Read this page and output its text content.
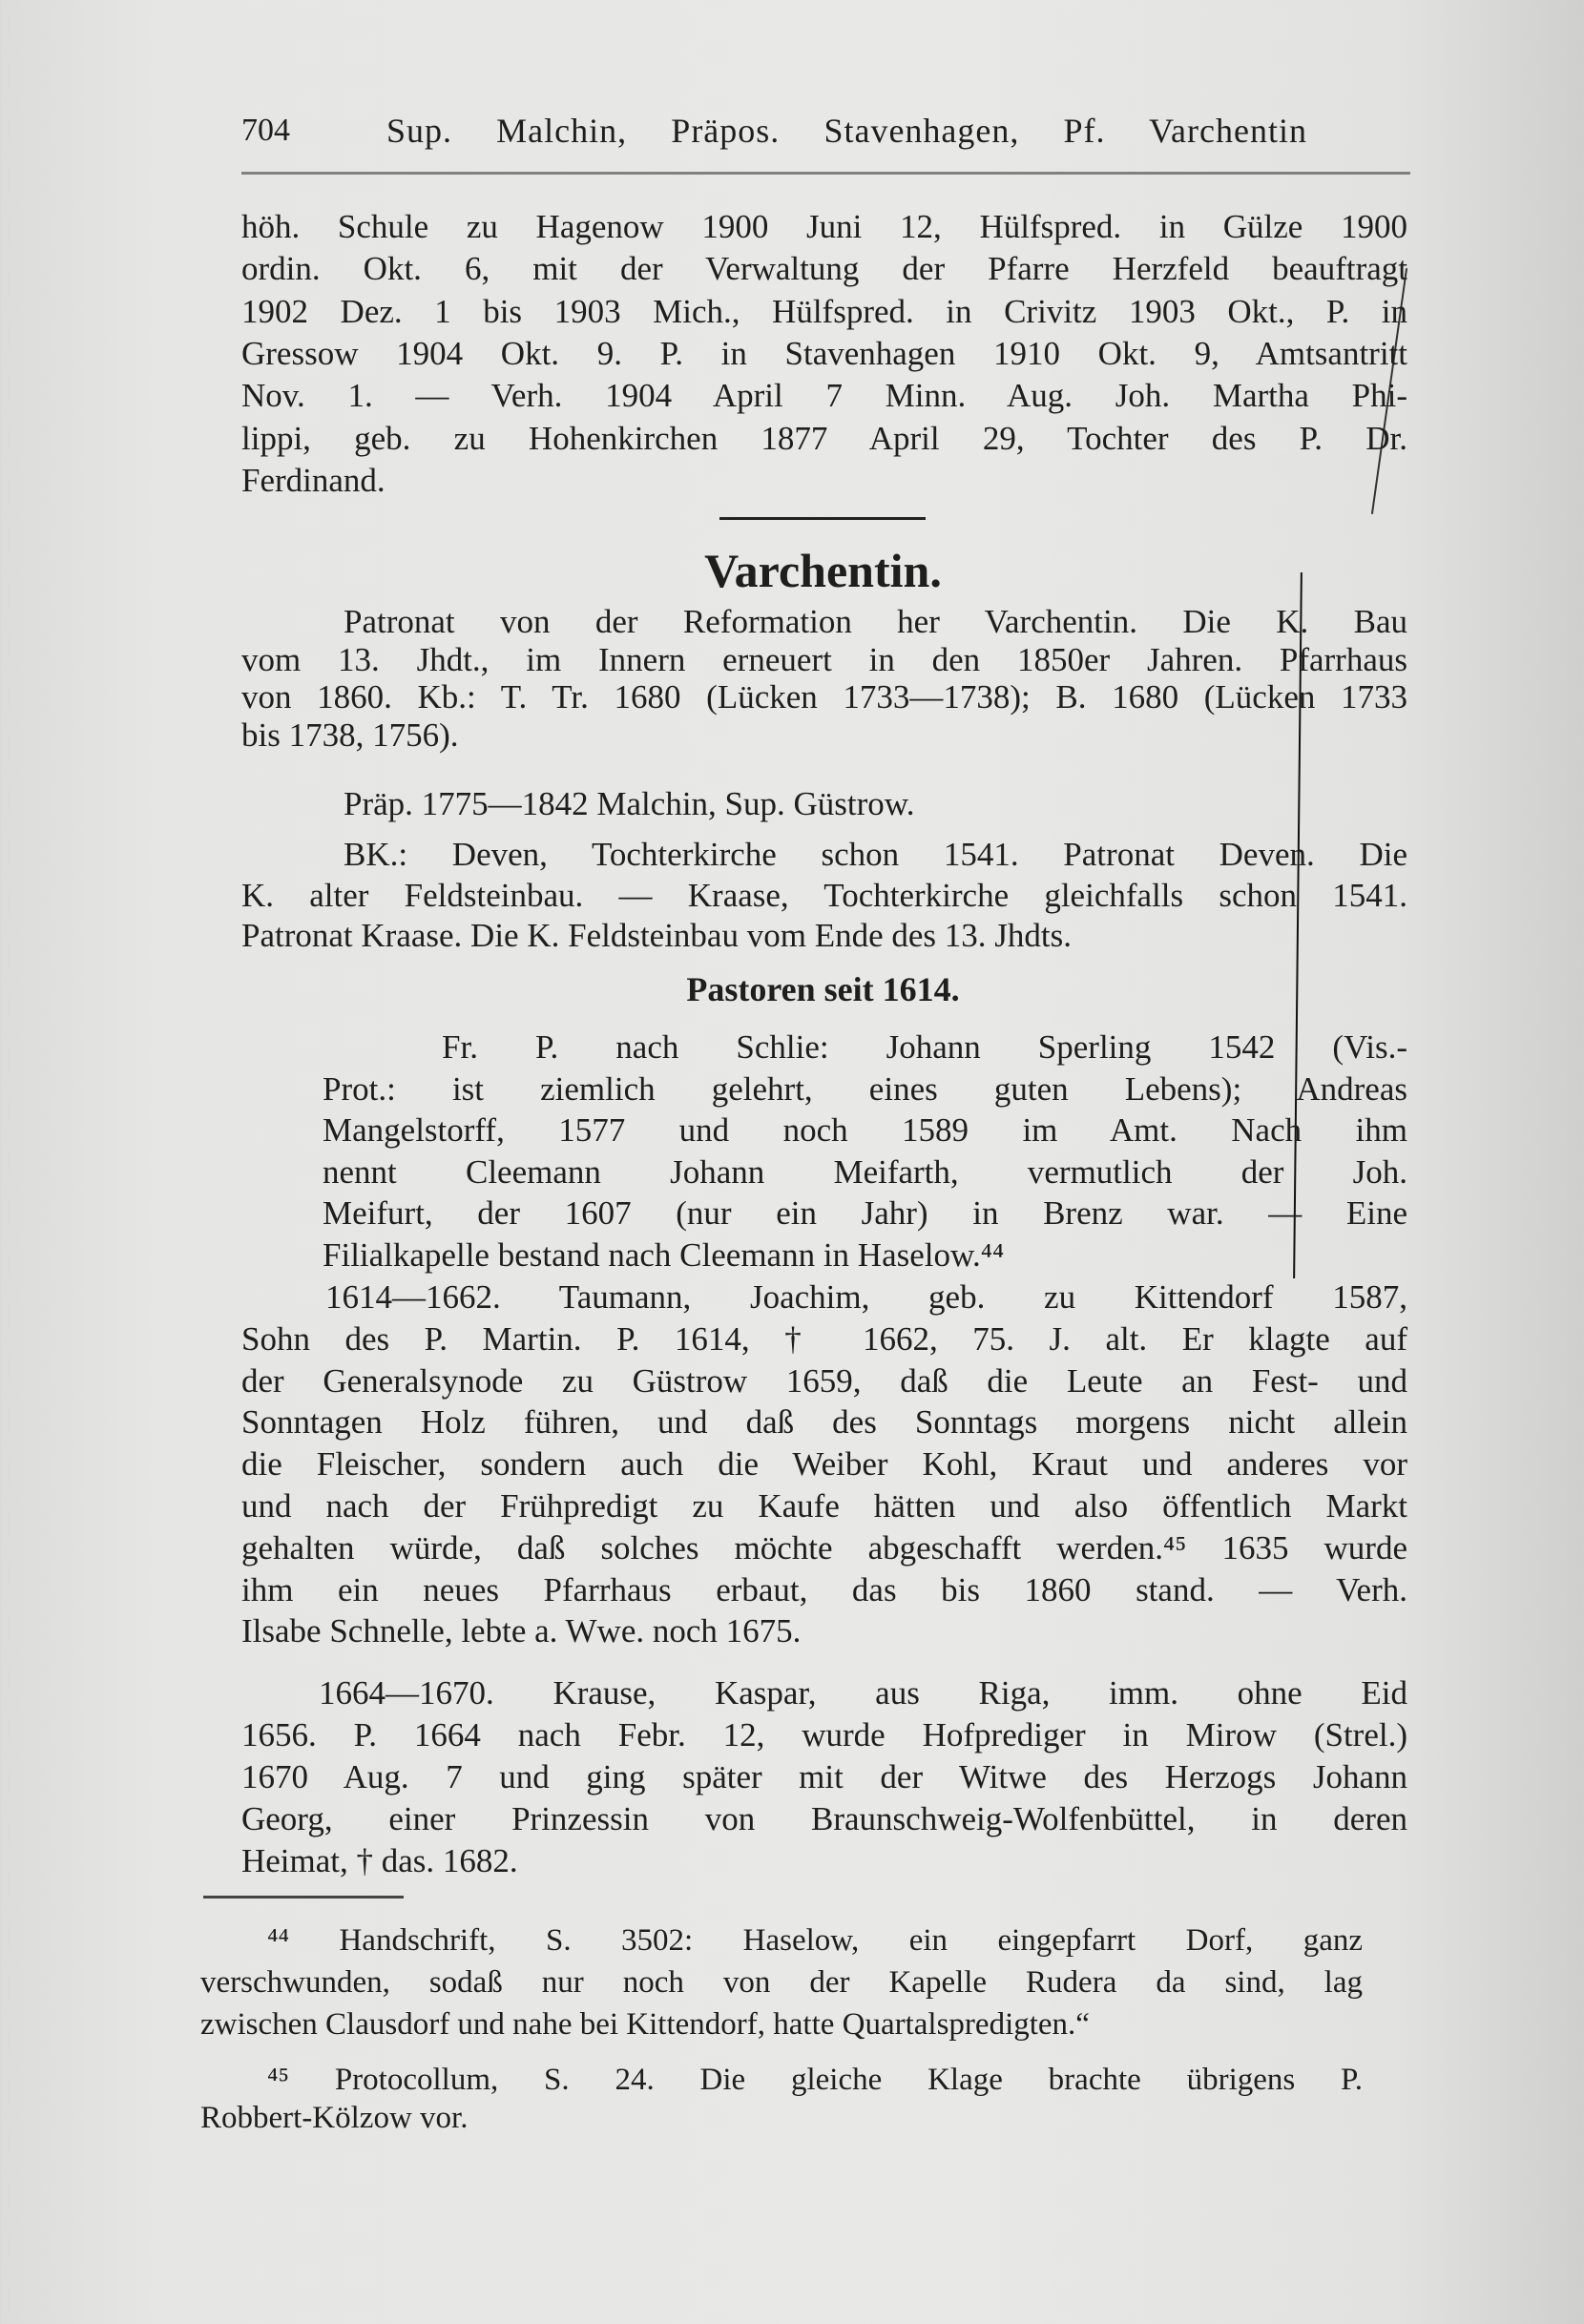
704	Sup. Malchin, Präpos. Stavenhagen, Pf. Varchentin
Varchentin.
Pastoren seit 1614.
höh. Schule zu Hagenow 1900 Juni 12, Hülfspred. in Gülze 1900
ordin. Okt. 6, mit der Verwaltung der Pfarre Herzfeld beauftragt
1902 Dez. 1 bis 1903 Mich., Hülfspred. in Crivitz 1903 Okt., P. in
Gressow 1904 Okt. 9. P. in Stavenhagen 1910 Okt. 9, Amtsantritt
Nov. 1. — Verh. 1904 April 7 Minn. Aug. Joh. Martha Phi-
lippi, geb. zu Hohenkirchen 1877 April 29, Tochter des P. Dr.
Ferdinand.
Patronat von der Reformation her Varchentin. Die K. Bau
vom 13. Jhdt., im Innern erneuert in den 1850er Jahren. Pfarrhaus
von 1860. Kb.: T. Tr. 1680 (Lücken 1733—1738); B. 1680 (Lücken 1733
bis 1738, 1756).
Präp. 1775—1842 Malchin, Sup. Güstrow.
BK.: Deven, Tochterkirche schon 1541. Patronat Deven. Die
K. alter Feldsteinbau. — Kraase, Tochterkirche gleichfalls schon 1541.
Patronat Kraase. Die K. Feldsteinbau vom Ende des 13. Jhdts.
Fr. P. nach Schlie: Johann Sperling 1542 (Vis.-
Prot.: ist ziemlich gelehrt, eines guten Lebens); Andreas
Mangelstorff, 1577 und noch 1589 im Amt. Nach ihm
nennt Cleemann Johann Meifarth, vermutlich der Joh.
Meifurt, der 1607 (nur ein Jahr) in Brenz war. — Eine
Filialkapelle bestand nach Cleemann in Haselow.⁴⁴
1614—1662. Taumann, Joachim, geb. zu Kittendorf 1587,
Sohn des P. Martin. P. 1614, † 1662, 75. J. alt. Er klagte auf
der Generalsynode zu Güstrow 1659, daß die Leute an Fest- und
Sonntagen Holz führen, und daß des Sonntags morgens nicht allein
die Fleischer, sondern auch die Weiber Kohl, Kraut und anderes vor
und nach der Frühpredigt zu Kaufe hätten und also öffentlich Markt
gehalten würde, daß solches möchte abgeschafft werden.⁴⁵ 1635 wurde
ihm ein neues Pfarrhaus erbaut, das bis 1860 stand. — Verh.
Ilsabe Schnelle, lebte a. Wwe. noch 1675.
1664—1670. Krause, Kaspar, aus Riga, imm. ohne Eid
1656. P. 1664 nach Febr. 12, wurde Hofprediger in Mirow (Strel.)
1670 Aug. 7 und ging später mit der Witwe des Herzogs Johann
Georg, einer Prinzessin von Braunschweig-Wolfenbüttel, in deren
Heimat, † das. 1682.
⁴⁴ Handschrift, S. 3502: Haselow, ein eingepfarrt Dorf, ganz
verschwunden, sodaß nur noch von der Kapelle Rudera da sind, lag
zwischen Clausdorf und nahe bei Kittendorf, hatte Quartalspredigten.“
⁴⁵ Protocollum, S. 24. Die gleiche Klage brachte übrigens P.
Robbert-Kölzow vor.
